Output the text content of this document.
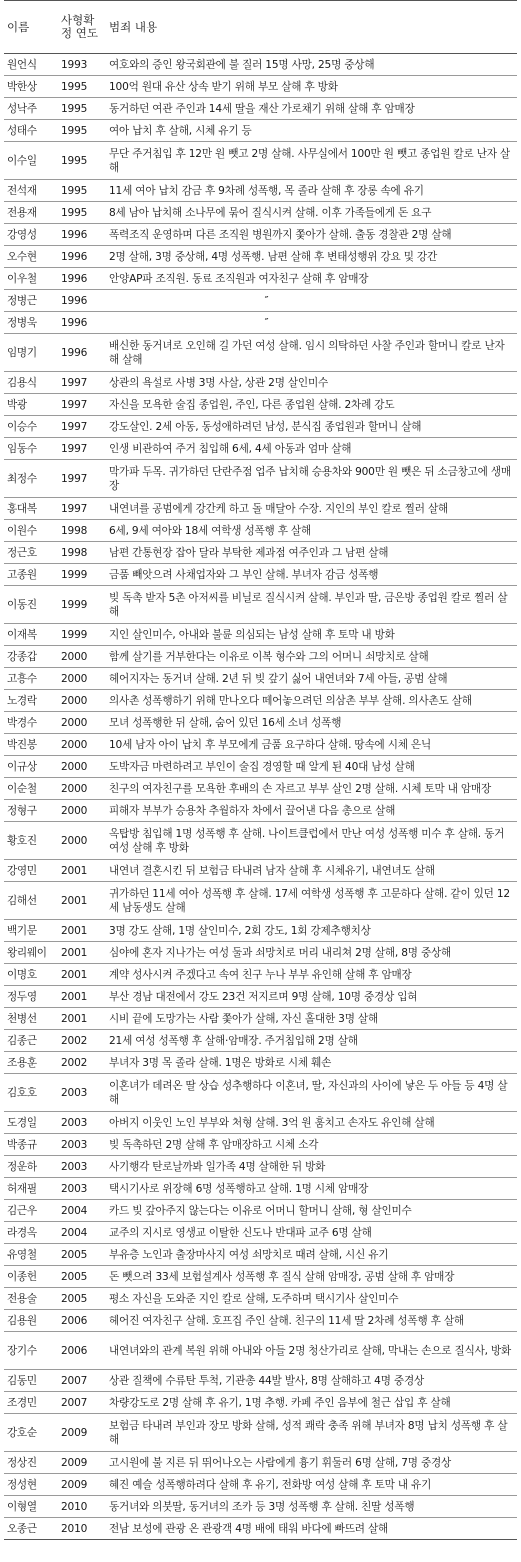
이름	사형확정 연도	범죄 내용
원언식	1993	여호와의 증인 왕국회관에 불 질러 15명 사망, 25명 중상해
박한상	1995	100억 원대 유산 상속 받기 위해 부모 살해 후 방화
성낙주	1995	동거하던 여관 주인과 14세 딸을 재산 가로채기 위해 살해 후 암매장
성태수	1995	여아 납치 후 살해, 시체 유기 등
이수일	1995	무단 주거침입 후 12만 원 뺏고 2명 살해. 사무실에서 100만 원 뺏고 종업원 칼로 난자 살해
전석재	1995	11세 여아 납치 감금 후 9차례 성폭행, 목 졸라 살해 후 장롱 속에 유기
전용재	1995	8세 남아 납치해 소나무에 묶어 질식시켜 살해. 이후 가족들에게 돈 요구
강영성	1996	폭력조직 운영하며 다른 조직원 병원까지 쫓아가 살해. 출동 경찰관 2명 살해
오수현	1996	2명 살해, 3명 중상해, 4명 성폭행. 남편 살해 후 변태성행위 강요 및 강간
이우철	1996	안양AP파 조직원. 동료 조직원과 여자친구 살해 후 암매장
정병근	1996	″

정병욱	1996	″

임명기	1996	배신한 동거녀로 오인해 길 가던 여성 살해. 임시 의탁하던 사찰 주인과 할머니 칼로 난자해 살해
김용식	1997	상관의 욕설로 사병 3명 사살, 상관 2명 살인미수
박광	1997	자신을 모욕한 술집 종업원, 주인, 다른 종업원 살해. 2차례 강도
이승수	1997	강도살인. 2세 아동, 동성애하려던 남성, 분식집 종업원과 할머니 살해
임동수	1997	인생 비관하여 주거 침입해 6세, 4세 아동과 엄마 살해
최정수	1997	막가파 두목. 귀가하던 단란주점 업주 납치해 승용차와 900만 원 뺏은 뒤 소금창고에 생매장
홍대복	1997	내연녀를 공범에게 강간케 하고 돌 매달아 수장. 지인의 부인 칼로 찔러 살해
이원수	1998	6세, 9세 여아와 18세 여학생 성폭행 후 살해
정근호	1998	남편 간통현장 잡아 달라 부탁한 제과점 여주인과 그 남편 살해
고종원	1999	금품 빼앗으려 사채업자와 그 부인 살해. 부녀자 감금 성폭행
이동진	1999	빚 독촉 받자 5촌 아저씨를 비닐로 질식시켜 살해. 부인과 딸, 금은방 종업원 칼로 찔러 살해
이재복	1999	지인 살인미수, 아내와 불륜 의심되는 남성 살해 후 토막 내 방화
강종갑	2000	함께 살기를 거부한다는 이유로 이복 형수와 그의 어머니 쇠망치로 살해
고흥수	2000	헤어지자는 동거녀 살해. 2년 뒤 빚 갚기 싫어 내연녀와 7세 아들, 공범 살해
노경락	2000	의사촌 성폭행하기 위해 만나오다 떼어놓으려던 의삼촌 부부 살해. 의사촌도 살해
박경수	2000	모녀 성폭행한 뒤 살해, 숨어 있던 16세 소녀 성폭행
박진봉	2000	10세 남자 아이 납치 후 부모에게 금품 요구하다 살해. 땅속에 시체 은닉
이규상	2000	도박자금 마련하려고 부인이 술집 경영할 때 알게 된 40대 남성 살해
이순철	2000	친구의 여자친구를 모욕한 후배의 손 자르고 부부 살인 2명 살해. 시체 토막 내 암매장
정형구	2000	피해자 부부가 승용차 추월하자 차에서 끌어낸 다음 총으로 살해
황호진	2000	옥탑방 침입해 1명 성폭행 후 살해. 나이트클럽에서 만난 여성 성폭행 미수 후 살해. 동거여성 살해 후 방화
강영민	2001	내연녀 결혼시킨 뒤 보험금 타내려 남자 살해 후 시체유기, 내연녀도 살해
김해선	2001	귀가하던 11세 여아 성폭행 후 살해. 17세 여학생 성폭행 후 고문하다 살해. 같이 있던 12세 남동생도 살해
백기문	2001	3명 강도 살해, 1명 살인미수, 2회 강도, 1회 강제추행치상
왕리웨이	2001	심야에 혼자 지나가는 여성 둘과 쇠망치로 머리 내리쳐 2명 살해, 8명 중상해
이명호	2001	계약 성사시켜 주겠다고 속여 친구 누나 부부 유인해 살해 후 암매장
정두영	2001	부산 경남 대전에서 강도 23건 저지르며 9명 살해, 10명 중경상 입혀
천병선	2001	시비 끝에 도망가는 사람 쫓아가 살해, 자신 홀대한 3명 살해
김종근	2002	21세 여성 성폭행 후 살해·암매장. 주거침입해 2명 살해
조용훈	2002	부녀자 3명 목 졸라 살해. 1명은 방화로 시체 훼손
김호호	2003	이혼녀가 데려온 딸 상습 성추행하다 이혼녀, 딸, 자신과의 사이에 낳은 두 아들 등 4명 살해
도경일	2003	아버지 이웃인 노인 부부와 처형 살해. 3억 원 훔치고 손자도 유인해 살해
박종규	2003	빚 독촉하던 2명 살해 후 암매장하고 시체 소각
정운하	2003	사기행각 탄로날까봐 일가족 4명 살해한 뒤 방화
허재필	2003	택시기사로 위장해 6명 성폭행하고 살해. 1명 시체 암매장
김근우	2004	카드 빚 갚아주지 않는다는 이유로 어머니 할머니 살해, 형 살인미수
라경옥	2004	교주의 지시로 영생교 이탈한 신도나 반대파 교주 6명 살해
유영철	2005	부유층 노인과 출장마사지 여성 쇠망치로 때려 살해, 시신 유기
이종헌	2005	돈 뺏으려 33세 보험설계사 성폭행 후 질식 살해 암매장, 공범 살해 후 암매장
전용술	2005	평소 자신을 도와준 지인 칼로 살해, 도주하며 택시기사 살인미수
김용원	2006	헤어진 여자친구 살해. 호프집 주인 살해. 친구의 11세 딸 2차례 성폭행 후 살해
장기수	2006	내연녀와의 관계 복원 위해 아내와 아들 2명 청산가리로 살해, 막내는 손으로 질식사, 방화
김동민	2007	상관 질책에 수류탄 투척, 기관총 44발 발사, 8명 살해하고 4명 중경상
조경민	2007	차량강도로 2명 살해 후 유기, 1명 추행. 카페 주인 음부에 철근 삽입 후 살해
강호순	2009	보험금 타내려 부인과 장모 방화 살해, 성적 쾌락 충족 위해 부녀자 8명 납치 성폭행 후 살해
정상진	2009	고시원에 불 지른 뒤 뛰어나오는 사람에게 흉기 휘둘러 6명 살해, 7명 중경상
정성현	2009	혜진 예슬 성폭행하려다 살해 후 유기, 전화방 여성 살해 후 토막 내 유기
이형열	2010	동거녀와 의붓딸, 동거녀의 조카 등 3명 성폭행 후 살해. 친딸 성폭행
오종근	2010	전남 보성에 관광 온 관광객 4명 배에 태워 바다에 빠뜨려 살해
